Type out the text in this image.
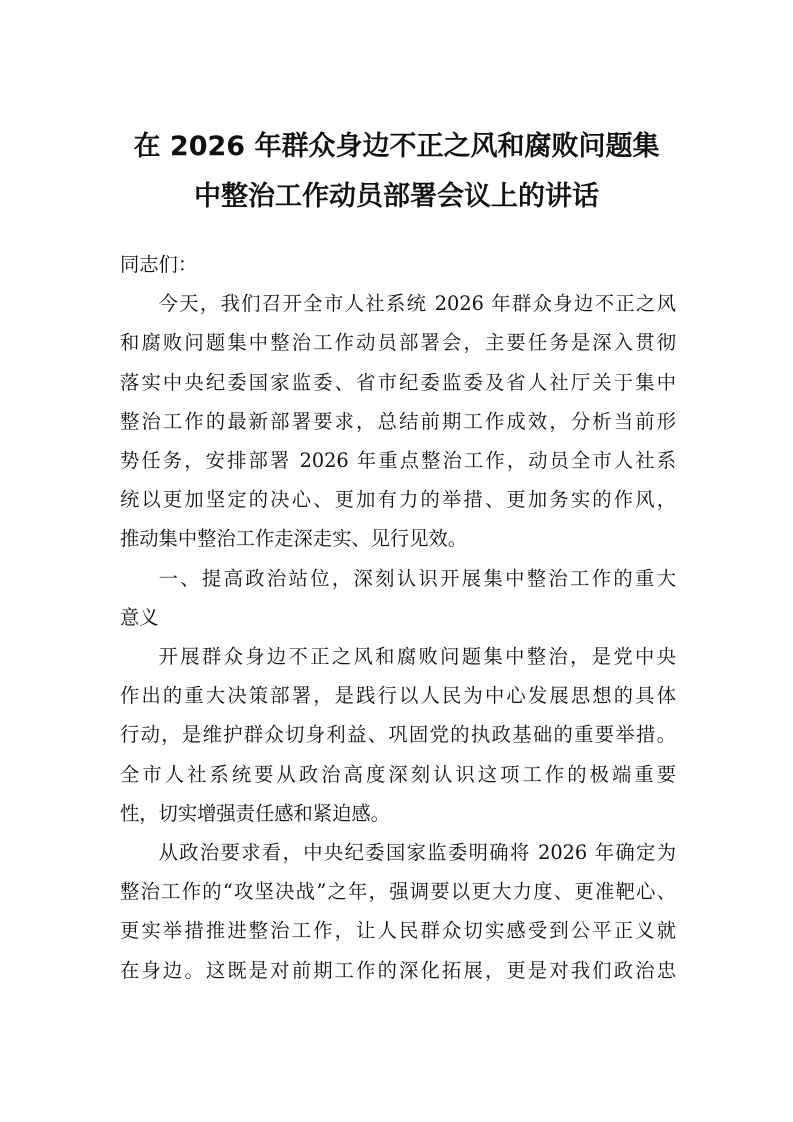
在 2026 年群众身边不正之风和腐败问题集
中整治工作动员部署会议上的讲话

同志们：

今天，我们召开全市人社系统 2026 年群众身边不正之风
和腐败问题集中整治工作动员部署会，主要任务是深入贯彻
落实中央纪委国家监委、省市纪委监委及省人社厅关于集中
整治工作的最新部署要求，总结前期工作成效，分析当前形
势任务，安排部署 2026 年重点整治工作，动员全市人社系
统以更加坚定的决心、更加有力的举措、更加务实的作风，
推动集中整治工作走深走实、见行见效。

一、提高政治站位，深刻认识开展集中整治工作的重大
意义

开展群众身边不正之风和腐败问题集中整治，是党中央
作出的重大决策部署，是践行以人民为中心发展思想的具体
行动，是维护群众切身利益、巩固党的执政基础的重要举措。
全市人社系统要从政治高度深刻认识这项工作的极端重要
性，切实增强责任感和紧迫感。

从政治要求看，中央纪委国家监委明确将 2026 年确定为
整治工作的“攻坚决战”之年，强调要以更大力度、更准靶心、
更实举措推进整治工作，让人民群众切实感受到公平正义就
在身边。这既是对前期工作的深化拓展，更是对我们政治忠
